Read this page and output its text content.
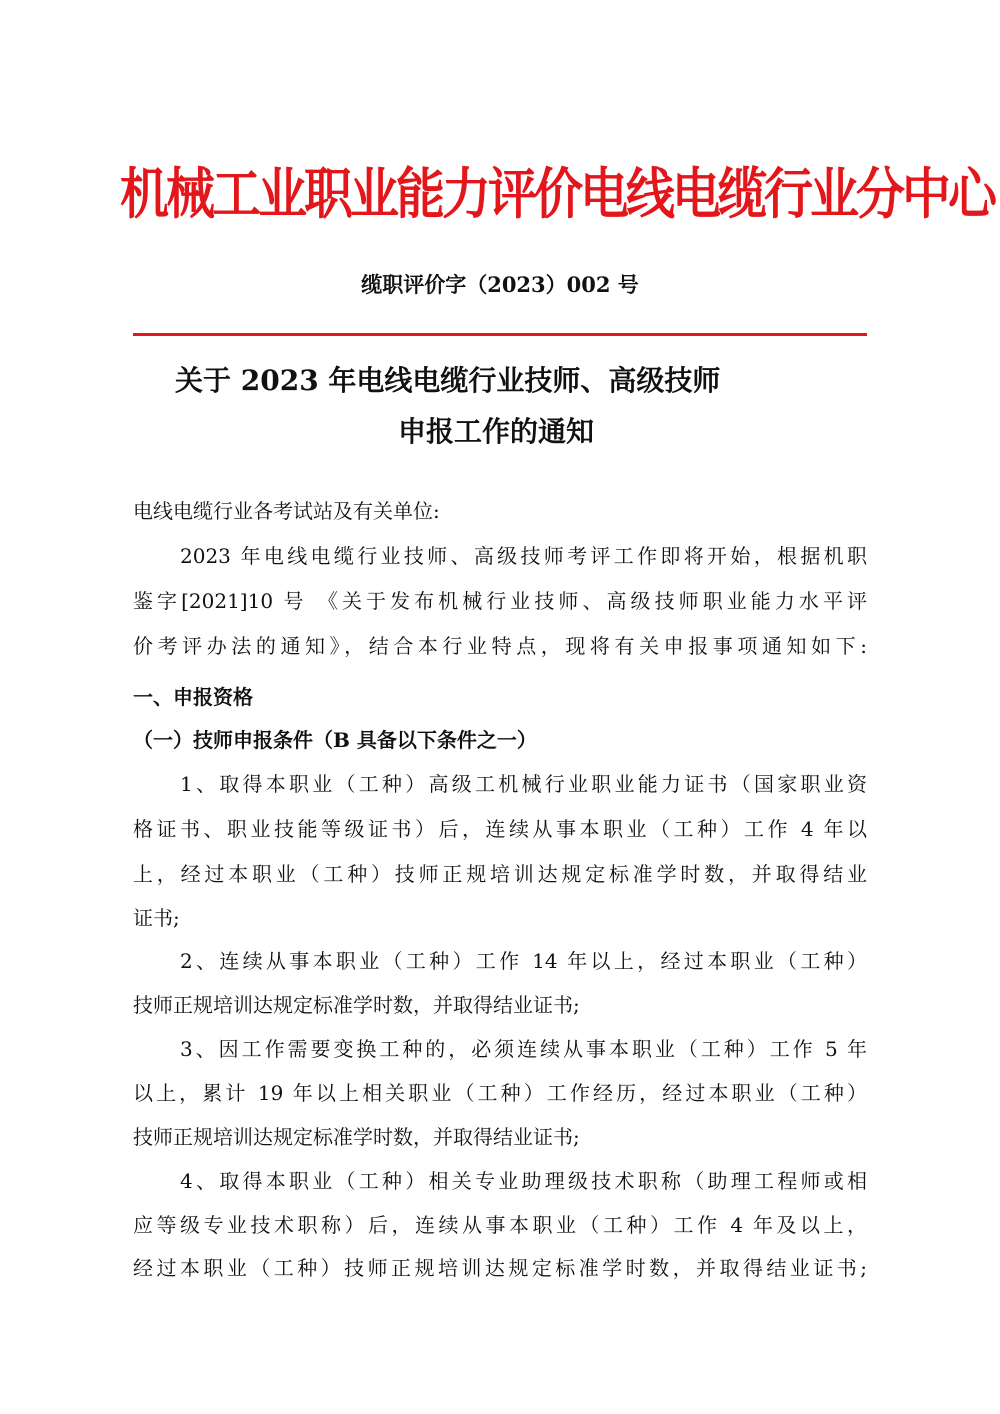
机械工业职业能力评价电线电缆行业分中心
缆职评价字（2023）002 号
关于 2023 年电线电缆行业技师、高级技师
申报工作的通知
电线电缆行业各考试站及有关单位:
2023 年电线电缆行业技师、高级技师考评工作即将开始，根据机职
鉴字[2021]10 号 《关于发布机械行业技师、高级技师职业能力水平评
价考评办法的通知》，结合本行业特点，现将有关申报事项通知如下:
一、申报资格
（一）技师申报条件（B 具备以下条件之一）
1、取得本职业（工种）高级工机械行业职业能力证书（国家职业资
格证书、职业技能等级证书）后，连续从事本职业（工种）工作 4 年以
上，经过本职业（工种）技师正规培训达规定标准学时数，并取得结业
证书;
2、连续从事本职业（工种）工作 14 年以上，经过本职业（工种）
技师正规培训达规定标准学时数，并取得结业证书;
3、因工作需要变换工种的，必须连续从事本职业（工种）工作 5 年
以上，累计 19 年以上相关职业（工种）工作经历，经过本职业（工种）
技师正规培训达规定标准学时数，并取得结业证书;
4、取得本职业（工种）相关专业助理级技术职称（助理工程师或相
应等级专业技术职称）后，连续从事本职业（工种）工作 4 年及以上，
经过本职业（工种）技师正规培训达规定标准学时数，并取得结业证书;
